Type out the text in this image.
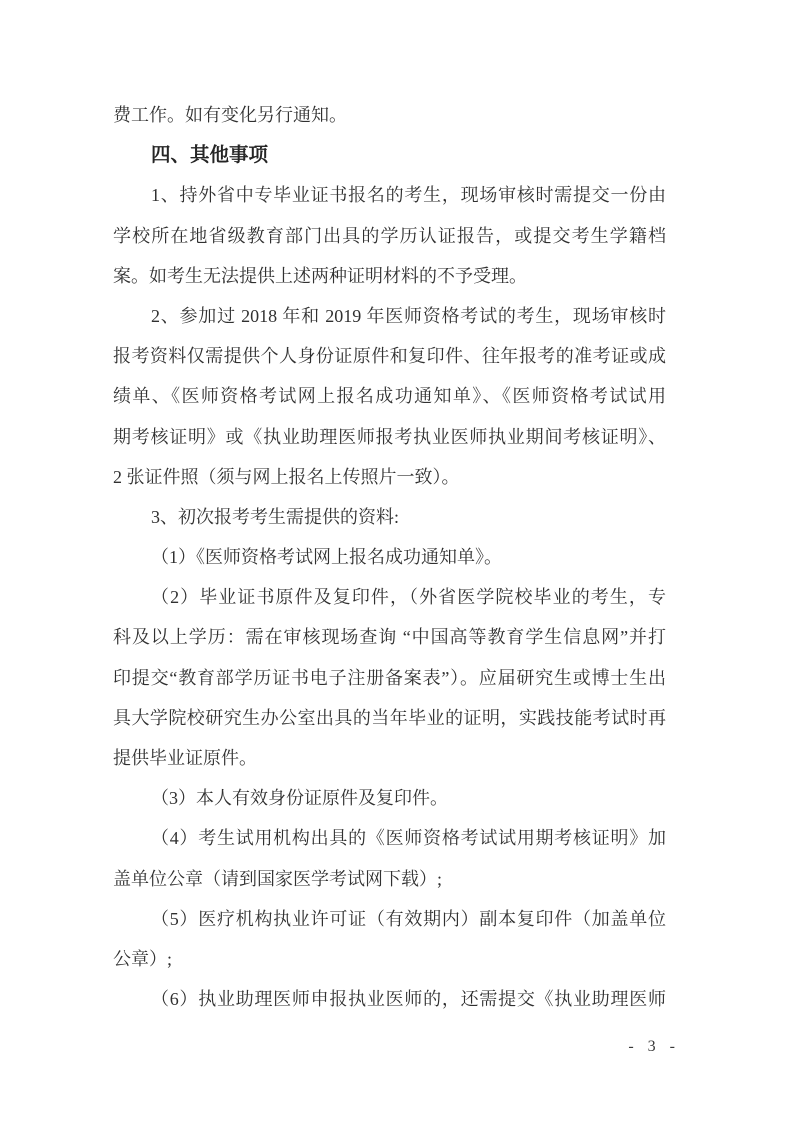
费工作。如有变化另行通知。
四、其他事项
1、持外省中专毕业证书报名的考生，现场审核时需提交一份由
学校所在地省级教育部门出具的学历认证报告，或提交考生学籍档
案。如考生无法提供上述两种证明材料的不予受理。
2、参加过 2018 年和 2019 年医师资格考试的考生，现场审核时
报考资料仅需提供个人身份证原件和复印件、往年报考的准考证或成
绩单、《医师资格考试网上报名成功通知单》、《医师资格考试试用
期考核证明》或《执业助理医师报考执业医师执业期间考核证明》、
2 张证件照（须与网上报名上传照片一致）。
3、初次报考考生需提供的资料:
（1）《医师资格考试网上报名成功通知单》。
（2）毕业证书原件及复印件，（外省医学院校毕业的考生，专
科及以上学历：需在审核现场查询 “中国高等教育学生信息网”并打
印提交“教育部学历证书电子注册备案表”）。应届研究生或博士生出
具大学院校研究生办公室出具的当年毕业的证明，实践技能考试时再
提供毕业证原件。
（3）本人有效身份证原件及复印件。
（4）考生试用机构出具的《医师资格考试试用期考核证明》加
盖单位公章（请到国家医学考试网下载）;
（5）医疗机构执业许可证（有效期内）副本复印件（加盖单位
公章）;
（6）执业助理医师申报执业医师的，还需提交《执业助理医师
- 3 -
